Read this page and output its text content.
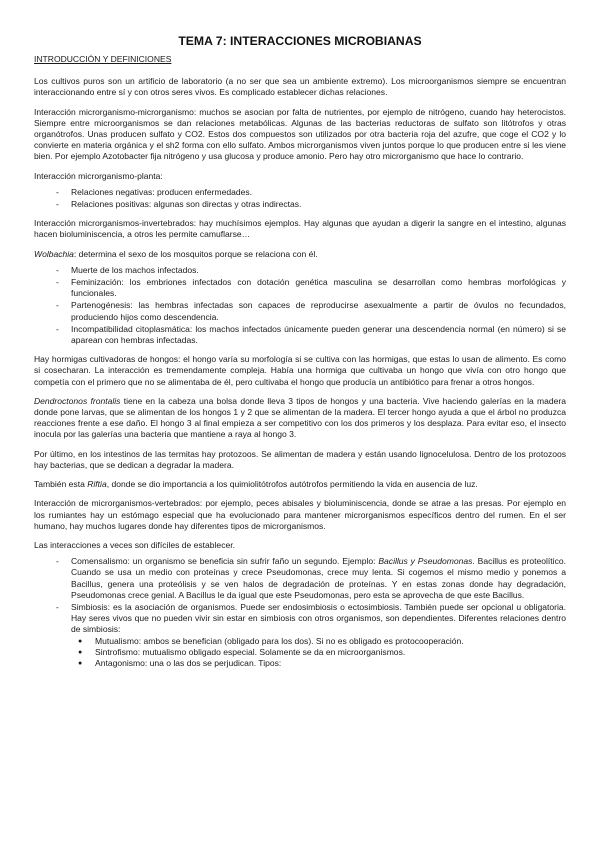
TEMA 7: INTERACCIONES MICROBIANAS
INTRODUCCIÓN Y DEFINICIONES

Los cultivos puros son un artificio de laboratorio (a no ser que sea un ambiente extremo). Los microorganismos siempre se encuentran interaccionando entre sí y con otros seres vivos. Es complicado establecer dichas relaciones.

Interacción microrganismo-microrganismo: muchos se asocian por falta de nutrientes, por ejemplo de nitrógeno, cuando hay heterocistos. Siempre entre microorganismos se dan relaciones metabólicas. Algunas de las bacterias reductoras de sulfato son litótrofos y otras organótrofos. Unas producen sulfato y CO2. Estos dos compuestos son utilizados por otra bacteria roja del azufre, que coge el CO2 y lo convierte en materia orgánica y el sh2 forma con ello sulfato. Ambos microrganismos viven juntos porque lo que producen entre si les viene bien. Por ejemplo Azotobacter fija nitrógeno y usa glucosa y produce amonio. Pero hay otro microrganismo que hace lo contrario.

Interacción microrganismo-planta:

- Relaciones negativas: producen enfermedades.
- Relaciones positivas: algunas son directas y otras indirectas.

Interacción microrganismos-invertebrados: hay muchísimos ejemplos. Hay algunas que ayudan a digerir la sangre en el intestino, algunas hacen bioluminiscencia, a otros les permite camuflarse…

Wolbachia: determina el sexo de los mosquitos porque se relaciona con él.

- Muerte de los machos infectados.
- Feminización: los embriones infectados con dotación genética masculina se desarrollan como hembras morfológicas y funcionales.
- Partenogénesis: las hembras infectadas son capaces de reproducirse asexualmente a partir de óvulos no fecundados, produciendo hijos como descendencia.
- Incompatibilidad citoplasmática: los machos infectados únicamente pueden generar una descendencia normal (en número) si se aparean con hembras infectadas.

Hay hormigas cultivadoras de hongos: el hongo varía su morfología si se cultiva con las hormigas, que estas lo usan de alimento. Es como si cosecharan. La interacción es tremendamente compleja. Había una hormiga que cultivaba un hongo que vivía con otro hongo que competía con el primero que no se alimentaba de él, pero cultivaba el hongo que producía un antibiótico para frenar a otros hongos.

Dendroctonos frontalis tiene en la cabeza una bolsa donde lleva 3 tipos de hongos y una bacteria. Vive haciendo galerías en la madera donde pone larvas, que se alimentan de los hongos 1 y 2 que se alimentan de la madera. El tercer hongo ayuda a que el árbol no produzca reacciones frente a ese daño. El hongo 3 al final empieza a ser competitivo con los dos primeros y los desplaza. Para evitar eso, el insecto inocula por las galerías una bacteria que mantiene a raya al hongo 3.

Por último, en los intestinos de las termitas hay protozoos. Se alimentan de madera y están usando lignocelulosa. Dentro de los protozoos hay bacterias, que se dedican a degradar la madera.

También esta Riftia, donde se dio importancia a los quimiolitótrofos autótrofos permitiendo la vida en ausencia de luz.

Interacción de microrganismos-vertebrados: por ejemplo, peces abisales y bioluminiscencia, donde se atrae a las presas. Por ejemplo en los rumiantes hay un estómago especial que ha evolucionado para mantener microrganismos específicos dentro del rumen. En el ser humano, hay muchos lugares donde hay diferentes tipos de microrganismos.

Las interacciones a veces son difíciles de establecer.

- Comensalismo: un organismo se beneficia sin sufrir faño un segundo. Ejemplo: Bacillus y Pseudomonas. Bacillus es proteolítico. Cuando se usa un medio con proteínas y crece Pseudomonas, crece muy lenta. Si cogemos el mismo medio y ponemos a Bacillus, genera una proteólisis y se ven halos de degradación de proteínas. Y en estas zonas donde hay degradación, Pseudomonas crece genial. A Bacillus le da igual que este Pseudomonas, pero esta se aprovecha de que este Bacillus.
- Simbiosis: es la asociación de organismos. Puede ser endosimbiosis o ectosimbiosis. También puede ser opcional u obligatoria. Hay seres vivos que no pueden vivir sin estar en simbiosis con otros organismos, son dependientes. Diferentes relaciones dentro de simbiosis:
● Mutualismo: ambos se benefician (obligado para los dos). Si no es obligado es protocooperación.
● Sintrofismo: mutualismo obligado especial. Solamente se da en microorganismos.
● Antagonismo: una o las dos se perjudican. Tipos:
